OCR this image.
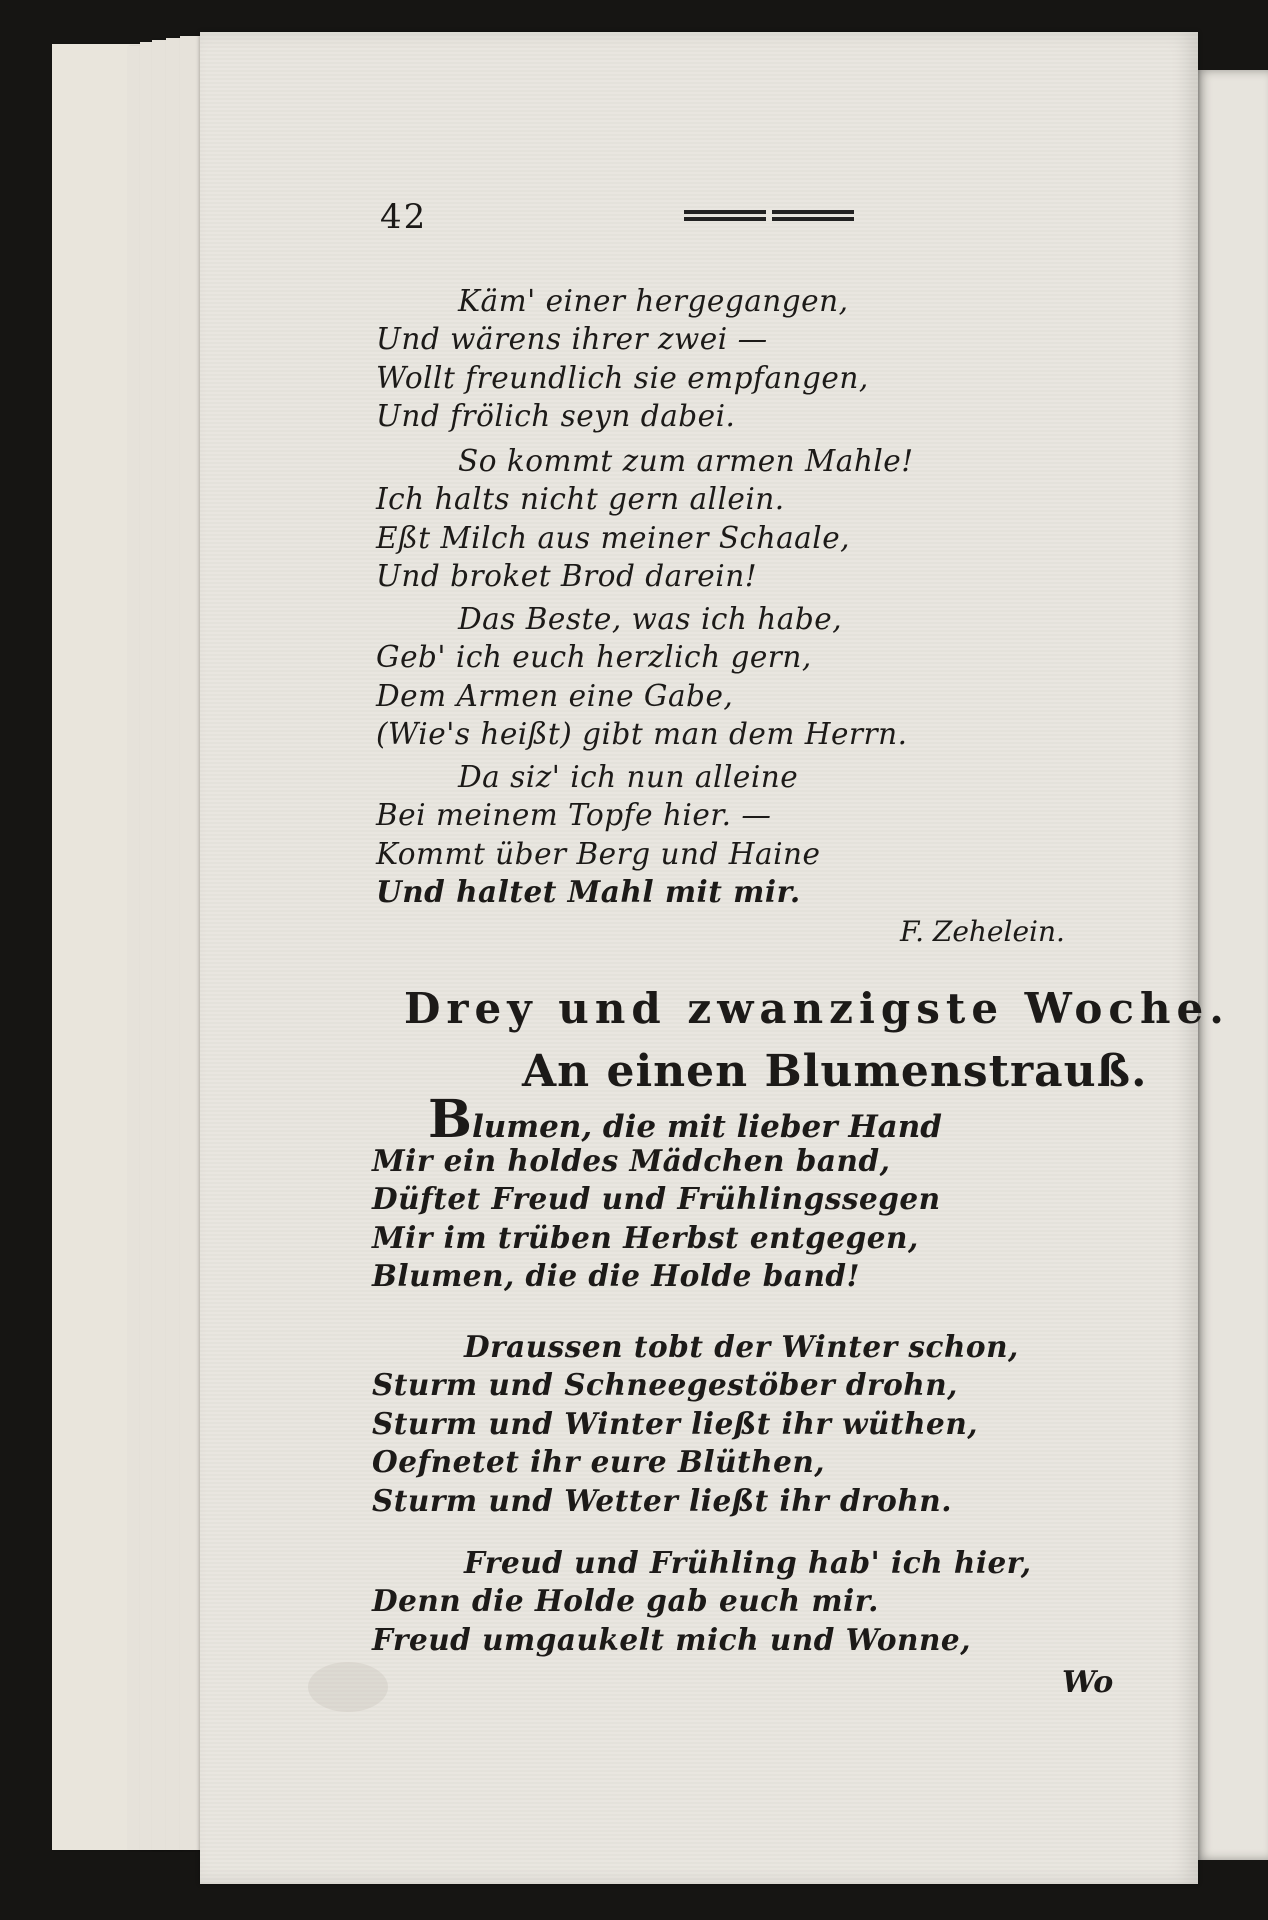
42
Käm' einer hergegangen,
Und wärens ihrer zwei —
Wollt freundlich sie empfangen,
Und frölich seyn dabei.
So kommt zum armen Mahle!
Ich halts nicht gern allein.
Eßt Milch aus meiner Schaale,
Und broket Brod darein!
Das Beste, was ich habe,
Geb' ich euch herzlich gern,
Dem Armen eine Gabe,
(Wie's heißt) gibt man dem Herrn.
Da siz' ich nun alleine
Bei meinem Topfe hier. —
Kommt über Berg und Haine
Und haltet Mahl mit mir.
F. Zehelein.
Drey und zwanzigste Woche.
An einen Blumenstrauß.
Blumen, die mit lieber Hand
Mir ein holdes Mädchen band,
Düftet Freud und Frühlingssegen
Mir im trüben Herbst entgegen,
Blumen, die die Holde band!
Draussen tobt der Winter schon,
Sturm und Schneegestöber drohn,
Sturm und Winter ließt ihr wüthen,
Oefnetet ihr eure Blüthen,
Sturm und Wetter ließt ihr drohn.
Freud und Frühling hab' ich hier,
Denn die Holde gab euch mir.
Freud umgaukelt mich und Wonne,
Wo
